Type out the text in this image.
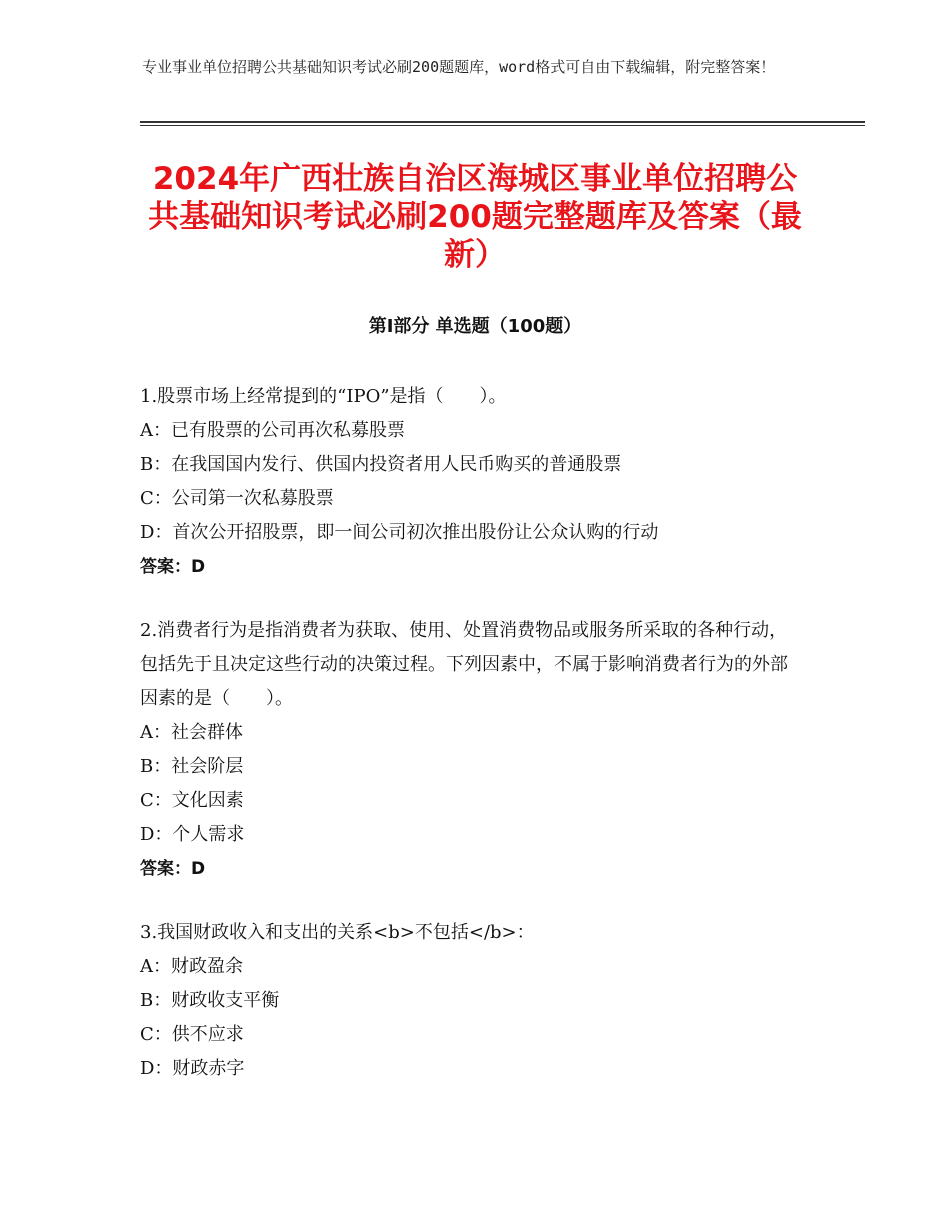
专业事业单位招聘公共基础知识考试必刷200题题库，word格式可自由下载编辑，附完整答案！
2024年广西壮族自治区海城区事业单位招聘公共基础知识考试必刷200题完整题库及答案（最新）
第Ⅰ部分 单选题（100题）

1.股票市场上经常提到的“IPO”是指（　　）。

A：已有股票的公司再次私募股票

B：在我国国内发行、供国内投资者用人民币购买的普通股票

C：公司第一次私募股票

D：首次公开招股票，即一间公司初次推出股份让公众认购的行动

答案：D

2.消费者行为是指消费者为获取、使用、处置消费物品或服务所采取的各种行动，包括先于且决定这些行动的决策过程。下列因素中，不属于影响消费者行为的外部因素的是（　　）。

A：社会群体

B：社会阶层

C：文化因素

D：个人需求

答案：D

3.我国财政收入和支出的关系<b>不包括</b>：

A：财政盈余

B：财政收支平衡

C：供不应求

D：财政赤字
